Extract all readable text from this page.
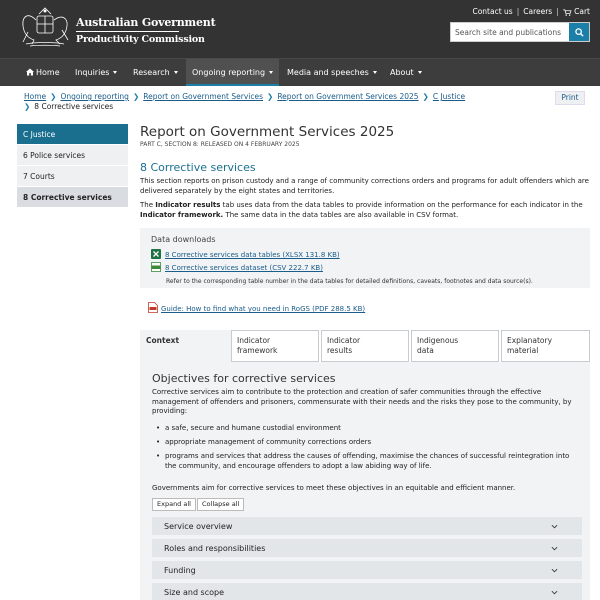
Australian Government
Productivity Commission
Contact us | Careers |	Cart
Search site and publications
Home Inquiries	Research	Ongoing reporting	Media and speeches	About
Home ❯ Ongoing reporting ❯ Report on Government Services ❯ Report on Government Services 2025 ❯ C Justice
❯ 8 Corrective services
Print
C Justice
6 Police services
7 Courts
8 Corrective services
Report on Government Services 2025
PART C, SECTION 8: RELEASED ON 4 FEBRUARY 2025
8 Corrective services
This section reports on prison custody and a range of community corrections orders and programs for adult offenders which are delivered separately by the eight states and territories.
The Indicator results tab uses data from the data tables to provide information on the performance for each indicator in the Indicator framework. The same data in the data tables are also available in CSV format.
Data downloads
8 Corrective services data tables (XLSX 131.8 KB)
8 Corrective services dataset (CSV 222.7 KB)
Refer to the corresponding table number in the data tables for detailed definitions, caveats, footnotes and data source(s).
Guide: How to find what you need in RoGS (PDF 288.5 KB)
Context	Indicator
framework
Indicator
results
Indigenous
data
Explanatory
material
Objectives for corrective services
Corrective services aim to contribute to the protection and creation of safer communities through the effective management of offenders and prisoners, commensurate with their needs and the risks they pose to the community, by providing:
• a safe, secure and humane custodial environment
• appropriate management of community corrections orders
• programs and services that address the causes of offending, maximise the chances of successful reintegration into the community, and encourage offenders to adopt a law abiding way of life.
Governments aim for corrective services to meet these objectives in an equitable and efficient manner.
Expand all	Collapse all
Service overview
Roles and responsibilities
Funding
Size and scope
